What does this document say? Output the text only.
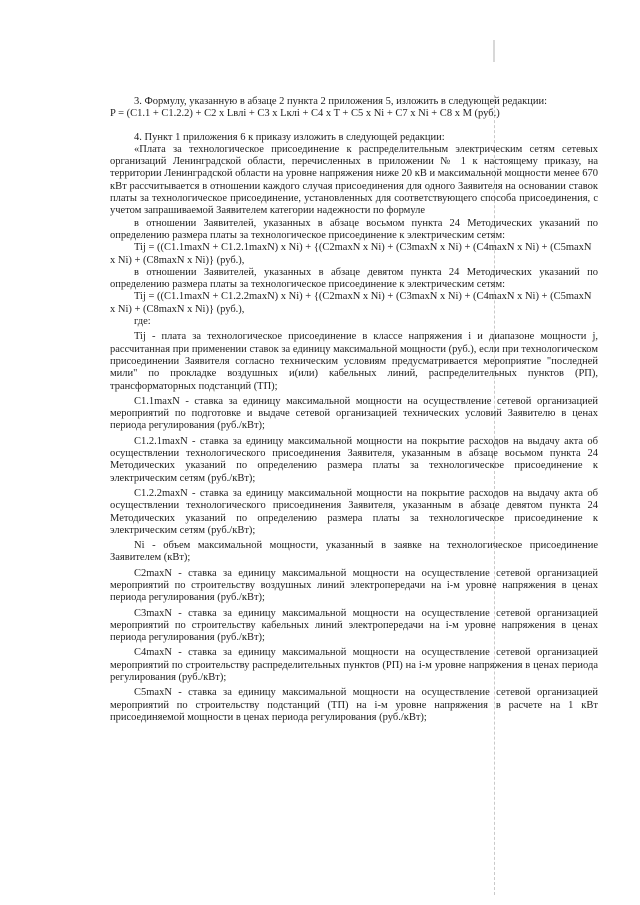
3. Формулу, указанную в абзаце 2 пункта 2 приложения 5, изложить в следующей редакции:

P = (C1.1 + C1.2.2) + C2 x Lвлi + C3 x Lклi + C4 x T + C5 x Ni + C7 x Ni + C8 x M (руб.)

4. Пункт 1 приложения 6 к приказу изложить в следующей редакции:

«Плата за технологическое присоединение к распределительным электрическим сетям сетевых организаций Ленинградской области, перечисленных в приложении № 1 к настоящему приказу, на территории Ленинградской области на уровне напряжения ниже 20 кВ и максимальной мощности менее 670 кВт рассчитывается в отношении каждого случая присоединения для одного Заявителя на основании ставок платы за технологическое присоединение, установленных для соответствующего способа присоединения, с учетом запрашиваемой Заявителем категории надежности по формуле

в отношении Заявителей, указанных в абзаце восьмом пункта 24 Методических указаний по определению размера платы за технологическое присоединение к электрическим сетям:

Tij = ((C1.1maxN + C1.2.1maxN) x Ni) + {(C2maxN x Ni) + (C3maxN x Ni) + (C4maxN x Ni) + (C5maxN x Ni) + (C8maxN x Ni)} (руб.),

в отношении Заявителей, указанных в абзаце девятом пункта 24 Методических указаний по определению размера платы за технологическое присоединение к электрическим сетям:

Tij = ((C1.1maxN + C1.2.2maxN) x Ni) + {(C2maxN x Ni) + (C3maxN x Ni) + (C4maxN x Ni) + (C5maxN x Ni) + (C8maxN x Ni)} (руб.),

где:

Tij - плата за технологическое присоединение в классе напряжения i и диапазоне мощности j, рассчитанная при применении ставок за единицу максимальной мощности (руб.), если при технологическом присоединении Заявителя согласно техническим условиям предусматривается мероприятие "последней мили" по прокладке воздушных и(или) кабельных линий, распределительных пунктов (РП), трансформаторных подстанций (ТП);

C1.1maxN - ставка за единицу максимальной мощности на осуществление сетевой организацией мероприятий по подготовке и выдаче сетевой организацией технических условий Заявителю в ценах периода регулирования (руб./кВт);

C1.2.1maxN - ставка за единицу максимальной мощности на покрытие расходов на выдачу акта об осуществлении технологического присоединения Заявителя, указанным в абзаце восьмом пункта 24 Методических указаний по определению размера платы за технологическое присоединение к электрическим сетям (руб./кВт);

C1.2.2maxN - ставка за единицу максимальной мощности на покрытие расходов на выдачу акта об осуществлении технологического присоединения Заявителя, указанным в абзаце девятом пункта 24 Методических указаний по определению размера платы за технологическое присоединение к электрическим сетям (руб./кВт);

Ni - объем максимальной мощности, указанный в заявке на технологическое присоединение Заявителем (кВт);

C2maxN - ставка за единицу максимальной мощности на осуществление сетевой организацией мероприятий по строительству воздушных линий электропередачи на i-м уровне напряжения в ценах периода регулирования (руб./кВт);

C3maxN - ставка за единицу максимальной мощности на осуществление сетевой организацией мероприятий по строительству кабельных линий электропередачи на i-м уровне напряжения в ценах периода регулирования (руб./кВт);

C4maxN - ставка за единицу максимальной мощности на осуществление сетевой организацией мероприятий по строительству распределительных пунктов (РП) на i-м уровне напряжения в ценах периода регулирования (руб./кВт);

C5maxN - ставка за единицу максимальной мощности на осуществление сетевой организацией мероприятий по строительству подстанций (ТП) на i-м уровне напряжения в расчете на 1 кВт присоединяемой мощности в ценах периода регулирования (руб./кВт);
